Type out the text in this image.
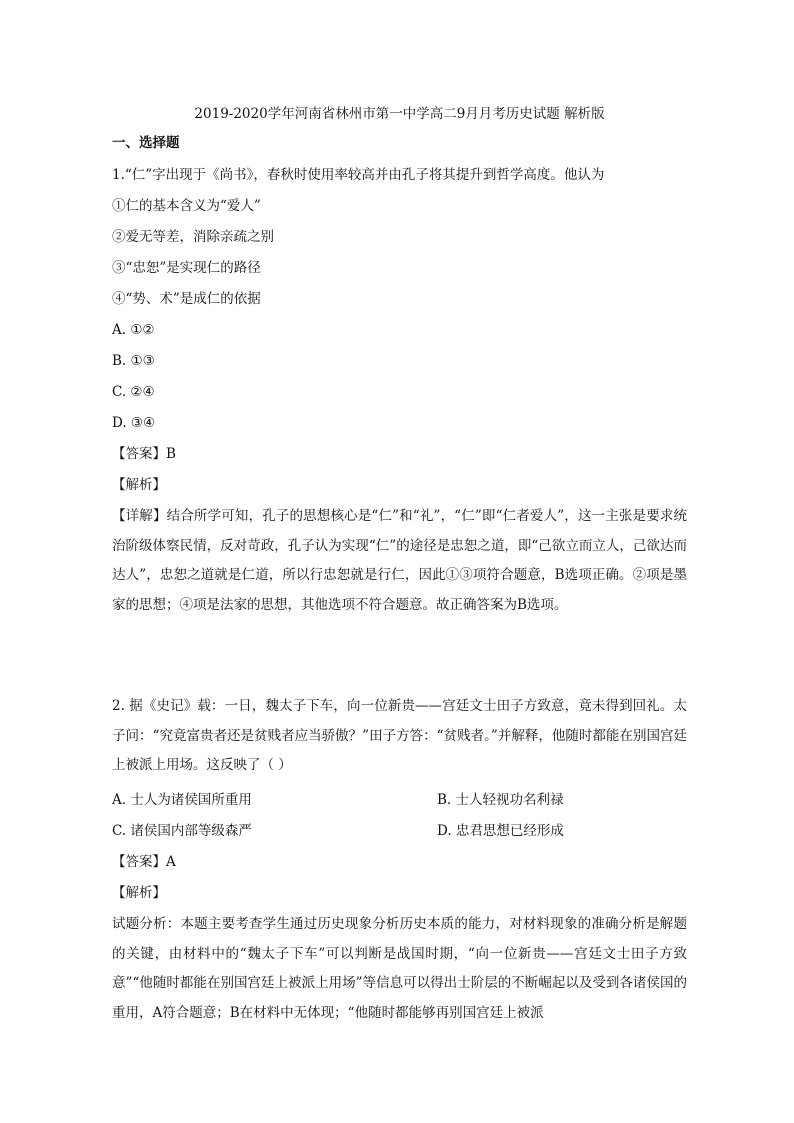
2019-2020学年河南省林州市第一中学高二9月月考历史试题 解析版
一、选择题
1.“仁”字出现于《尚书》，春秋时使用率较高并由孔子将其提升到哲学高度。他认为
①仁的基本含义为“爱人”
②爱无等差，消除亲疏之别
③“忠恕”是实现仁的路径
④“势、术”是成仁的依据
A. ①②
B. ①③
C. ②④
D. ③④
【答案】B
【解析】
【详解】结合所学可知，孔子的思想核心是“仁”和“礼”，“仁”即“仁者爱人”，这一主张是要求统治阶级体察民情，反对苛政，孔子认为实现“仁”的途径是忠恕之道，即“己欲立而立人，己欲达而达人”，忠恕之道就是仁道，所以行忠恕就是行仁，因此①③项符合题意，B选项正确。②项是墨家的思想；④项是法家的思想，其他选项不符合题意。故正确答案为B选项。
2. 据《史记》载：一日，魏太子下车，向一位新贵——宫廷文士田子方致意，竟未得到回礼。太子问：“究竟富贵者还是贫贱者应当骄傲？”田子方答：“贫贱者。”并解释，他随时都能在别国宫廷上被派上用场。这反映了（ ）
A. 士人为诸侯国所重用	B. 士人轻视功名利禄
C. 诸侯国内部等级森严	D. 忠君思想已经形成
【答案】A
【解析】
试题分析：本题主要考查学生通过历史现象分析历史本质的能力，对材料现象的准确分析是解题的关键，由材料中的“魏太子下车”可以判断是战国时期，“向一位新贵——宫廷文士田子方致意”“他随时都能在别国宫廷上被派上用场”等信息可以得出士阶层的不断崛起以及受到各诸侯国的重用，A符合题意；B在材料中无体现；“他随时都能够再别国宫廷上被派
